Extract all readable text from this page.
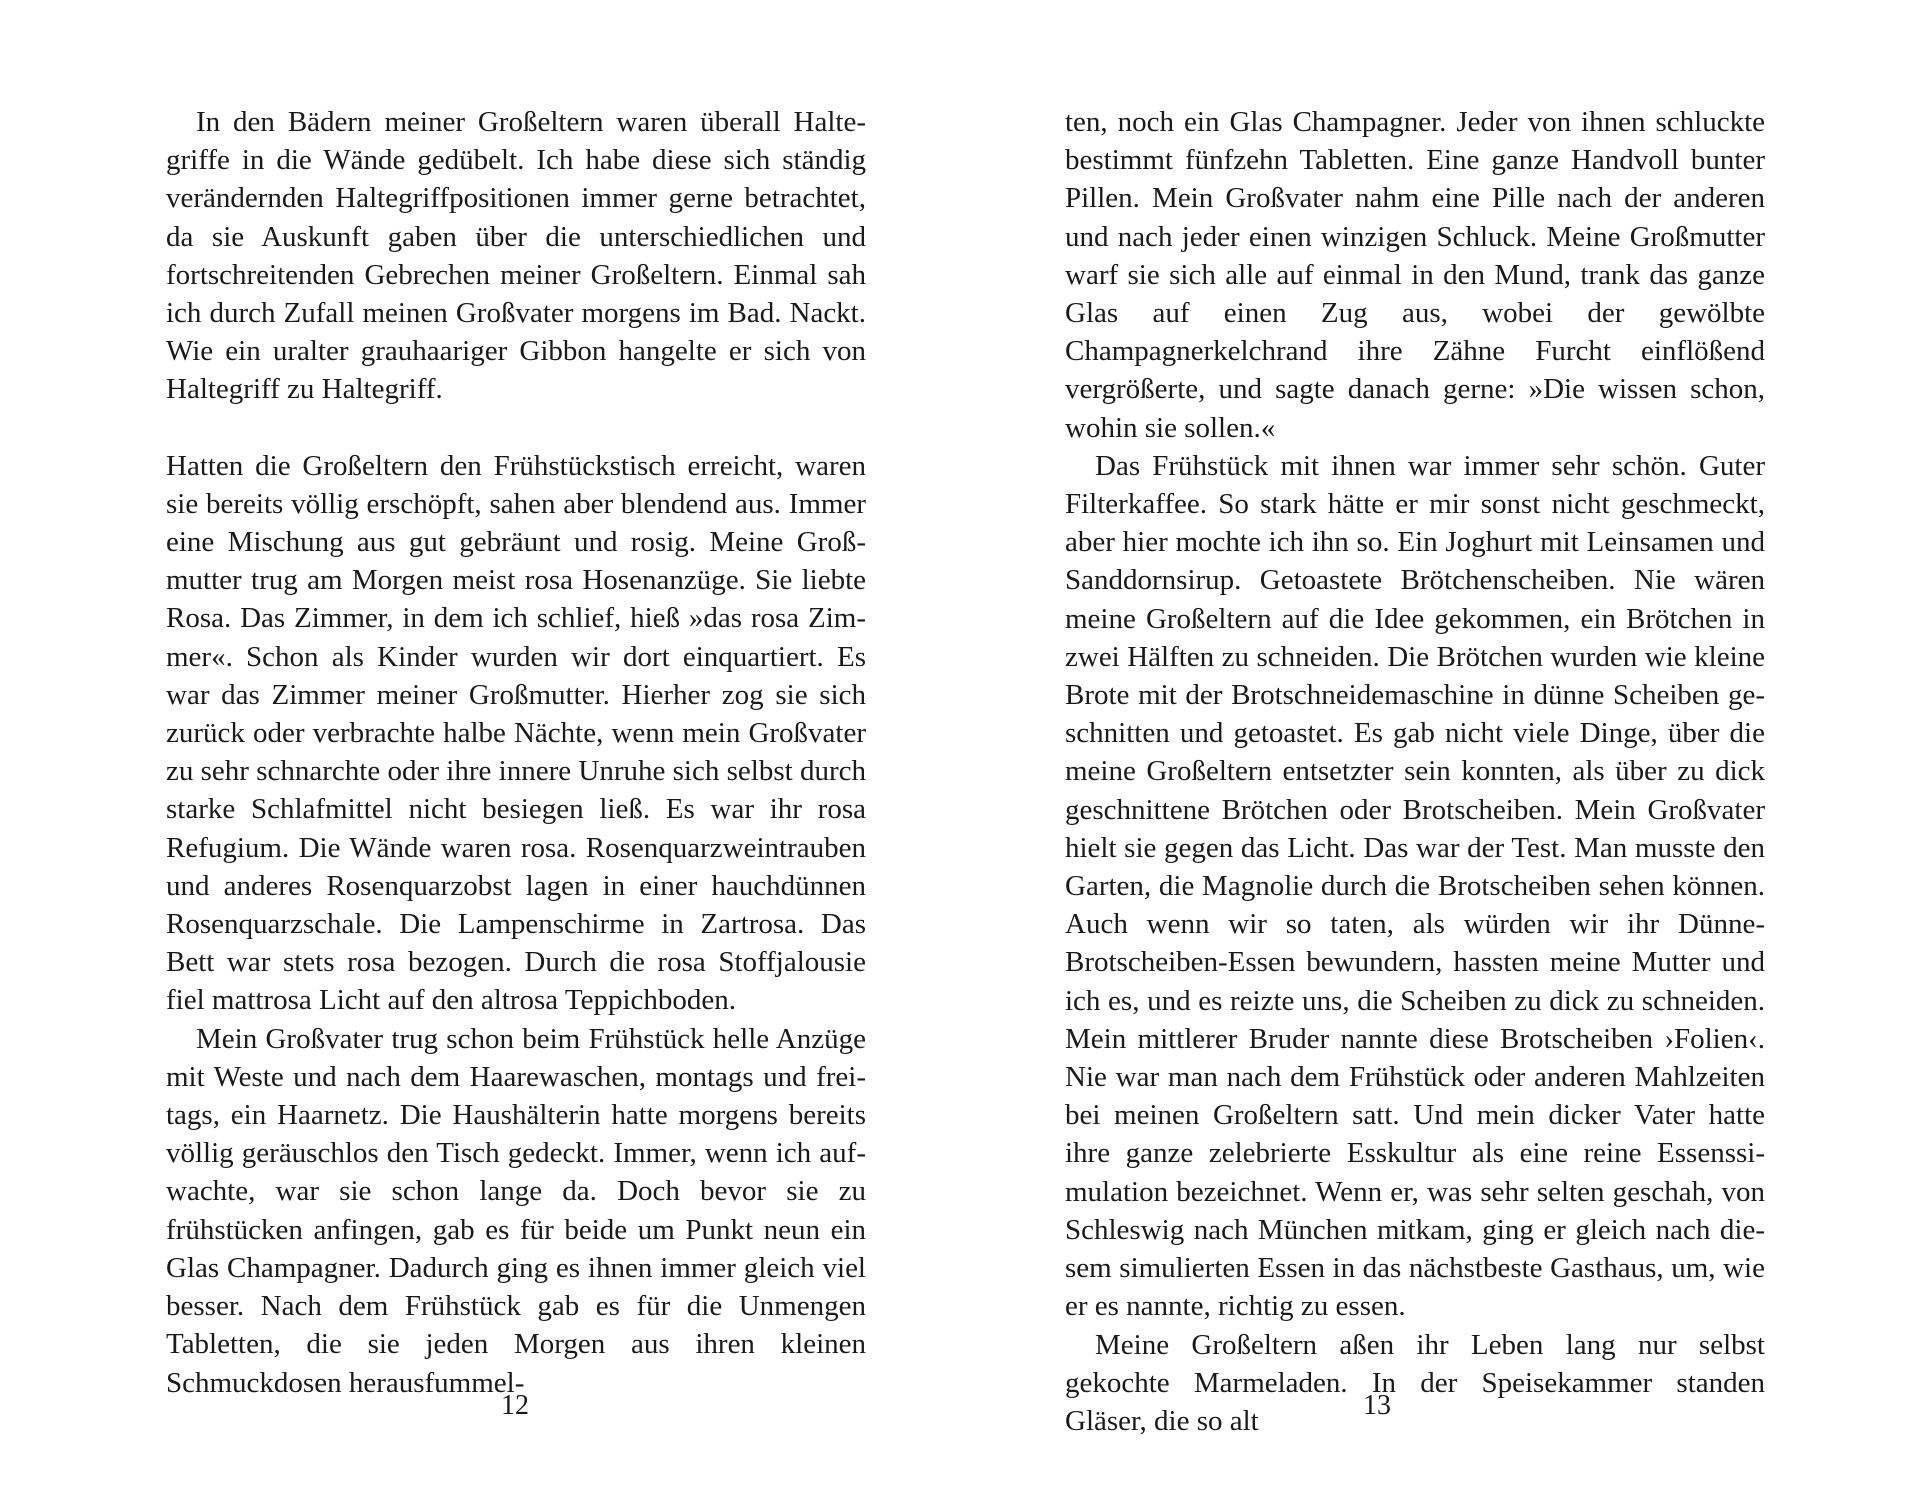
In den Bädern meiner Großeltern waren überall Haltegriffe in die Wände gedübelt. Ich habe diese sich ständig verändernden Haltegriffpositionen immer gerne betrachtet, da sie Auskunft gaben über die unterschiedlichen und fortschreitenden Gebrechen meiner Großeltern. Einmal sah ich durch Zufall meinen Großvater morgens im Bad. Nackt. Wie ein uralter grauhaariger Gibbon hangelte er sich von Haltegriff zu Haltegriff.

Hatten die Großeltern den Frühstückstisch erreicht, waren sie bereits völlig erschöpft, sahen aber blendend aus. Immer eine Mischung aus gut gebräunt und rosig. Meine Großmutter trug am Morgen meist rosa Hosenanzüge. Sie liebte Rosa. Das Zimmer, in dem ich schlief, hieß »das rosa Zimmer«. Schon als Kinder wurden wir dort einquartiert. Es war das Zimmer meiner Großmutter. Hierher zog sie sich zurück oder verbrachte halbe Nächte, wenn mein Großvater zu sehr schnarchte oder ihre innere Unruhe sich selbst durch starke Schlafmittel nicht besiegen ließ. Es war ihr rosa Refugium. Die Wände waren rosa. Rosenquarzweintrauben und anderes Rosenquarzobst lagen in einer hauchdünnen Rosenquarzschale. Die Lampenschirme in Zartrosa. Das Bett war stets rosa bezogen. Durch die rosa Stoffjalousie fiel mattrosa Licht auf den altrosa Teppichboden.

Mein Großvater trug schon beim Frühstück helle Anzüge mit Weste und nach dem Haarewaschen, montags und freitags, ein Haarnetz. Die Haushälterin hatte morgens bereits völlig geräuschlos den Tisch gedeckt. Immer, wenn ich aufwachte, war sie schon lange da. Doch bevor sie zu frühstücken anfingen, gab es für beide um Punkt neun ein Glas Champagner. Dadurch ging es ihnen immer gleich viel besser. Nach dem Frühstück gab es für die Unmengen Tabletten, die sie jeden Morgen aus ihren kleinen Schmuckdosen herausfummel-

12

ten, noch ein Glas Champagner. Jeder von ihnen schluckte bestimmt fünfzehn Tabletten. Eine ganze Handvoll bunter Pillen. Mein Großvater nahm eine Pille nach der anderen und nach jeder einen winzigen Schluck. Meine Großmutter warf sie sich alle auf einmal in den Mund, trank das ganze Glas auf einen Zug aus, wobei der gewölbte Champagnerkelchrand ihre Zähne Furcht einflößend vergrößerte, und sagte danach gerne: »Die wissen schon, wohin sie sollen.«

Das Frühstück mit ihnen war immer sehr schön. Guter Filterkaffee. So stark hätte er mir sonst nicht geschmeckt, aber hier mochte ich ihn so. Ein Joghurt mit Leinsamen und Sanddornsirup. Getoastete Brötchenscheiben. Nie wären meine Großeltern auf die Idee gekommen, ein Brötchen in zwei Hälften zu schneiden. Die Brötchen wurden wie kleine Brote mit der Brotschneidemaschine in dünne Scheiben geschnitten und getoastet. Es gab nicht viele Dinge, über die meine Großeltern entsetzter sein konnten, als über zu dick geschnittene Brötchen oder Brotscheiben. Mein Großvater hielt sie gegen das Licht. Das war der Test. Man musste den Garten, die Magnolie durch die Brotscheiben sehen können. Auch wenn wir so taten, als würden wir ihr Dünne-Brotscheiben-Essen bewundern, hassten meine Mutter und ich es, und es reizte uns, die Scheiben zu dick zu schneiden. Mein mittlerer Bruder nannte diese Brotscheiben ›Folien‹. Nie war man nach dem Frühstück oder anderen Mahlzeiten bei meinen Großeltern satt. Und mein dicker Vater hatte ihre ganze zelebrierte Esskultur als eine reine Essenssimulation bezeichnet. Wenn er, was sehr selten geschah, von Schleswig nach München mitkam, ging er gleich nach diesem simulierten Essen in das nächstbeste Gasthaus, um, wie er es nannte, richtig zu essen.

Meine Großeltern aßen ihr Leben lang nur selbst gekochte Marmeladen. In der Speisekammer standen Gläser, die so alt	13
